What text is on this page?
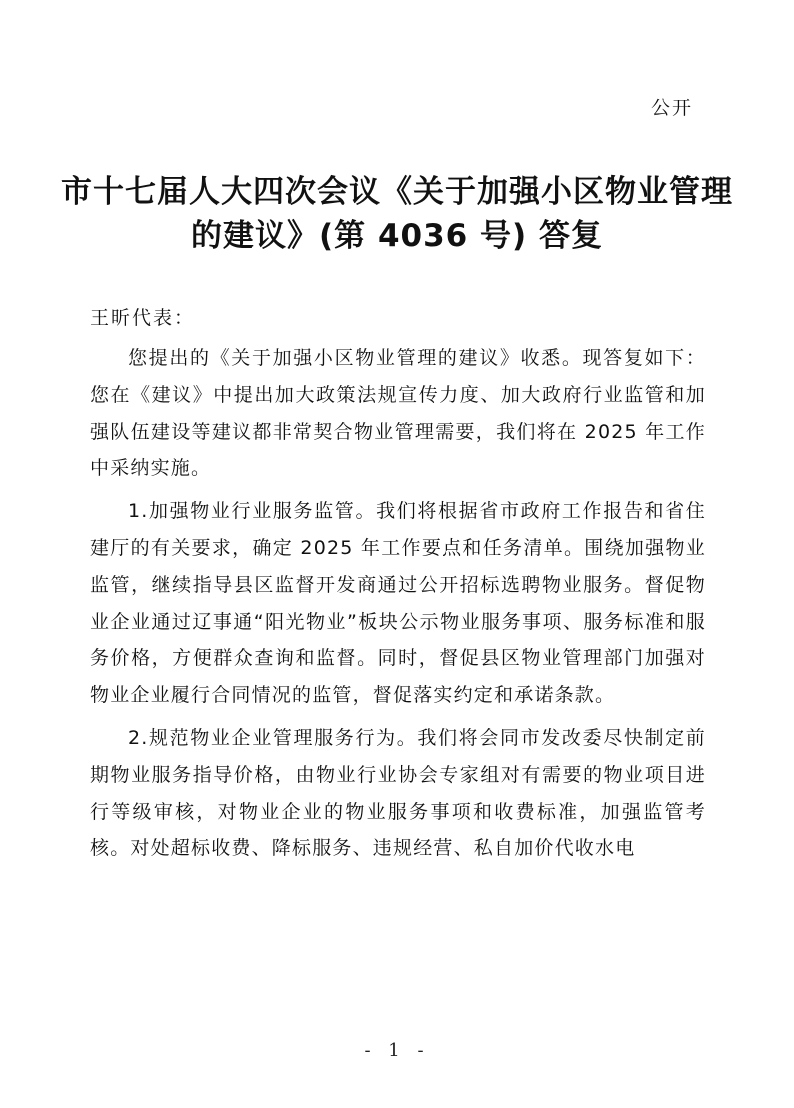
公开
市十七届人大四次会议《关于加强小区物业管理
的建议》(第 4036 号) 答复
王昕代表：

您提出的《关于加强小区物业管理的建议》收悉。现答复如下：您在《建议》中提出加大政策法规宣传力度、加大政府行业监管和加强队伍建设等建议都非常契合物业管理需要，我们将在 2025 年工作中采纳实施。

1.加强物业行业服务监管。我们将根据省市政府工作报告和省住建厅的有关要求，确定 2025 年工作要点和任务清单。围绕加强物业监管，继续指导县区监督开发商通过公开招标选聘物业服务。督促物业企业通过辽事通“阳光物业”板块公示物业服务事项、服务标准和服务价格，方便群众查询和监督。同时，督促县区物业管理部门加强对物业企业履行合同情况的监管，督促落实约定和承诺条款。

2.规范物业企业管理服务行为。我们将会同市发改委尽快制定前期物业服务指导价格，由物业行业协会专家组对有需要的物业项目进行等级审核，对物业企业的物业服务事项和收费标准，加强监管考核。对处超标收费、降标服务、违规经营、私自加价代收水电

- 1 -
